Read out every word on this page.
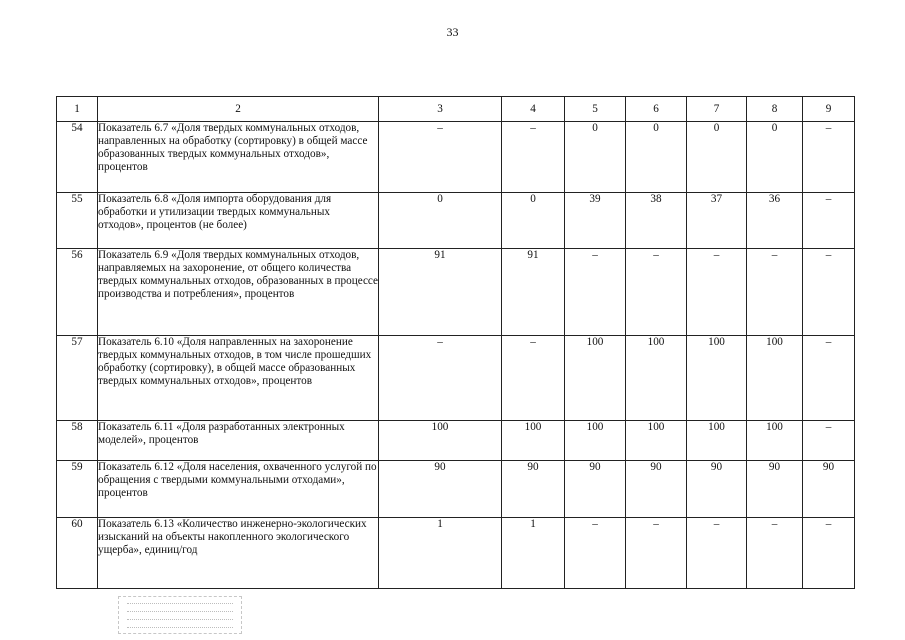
33
1	2	3	4	5	6	7	8	9
54	Показатель 6.7 «Доля твердых коммунальных отходов, направленных на обработку (сортировку) в общей массе образованных твердых коммунальных отходов», процентов	–	–	0	0	0	0	–
55	Показатель 6.8 «Доля импорта оборудования для обработки и утилизации твердых коммунальных отходов», процентов (не более)	0	0	39	38	37	36	–
56	Показатель 6.9 «Доля твердых коммунальных отходов, направляемых на захоронение, от общего количества твердых коммунальных отходов, образованных в процессе производства и потребления», процентов	91	91	–	–	–	–	–
57	Показатель 6.10 «Доля направленных на захоронение твердых коммунальных отходов, в том числе прошедших обработку (сортировку), в общей массе образованных твердых коммунальных отходов», процентов	–	–	100	100	100	100	–
58	Показатель 6.11 «Доля разработанных электронных моделей», процентов	100	100	100	100	100	100	–
59	Показатель 6.12 «Доля населения, охваченного услугой по обращения с твердыми коммунальными отходами», процентов	90	90	90	90	90	90	90
60	Показатель 6.13 «Количество инженерно-экологических изысканий на объекты накопленного экологического ущерба», единиц/год	1	1	–	–	–	–	–
